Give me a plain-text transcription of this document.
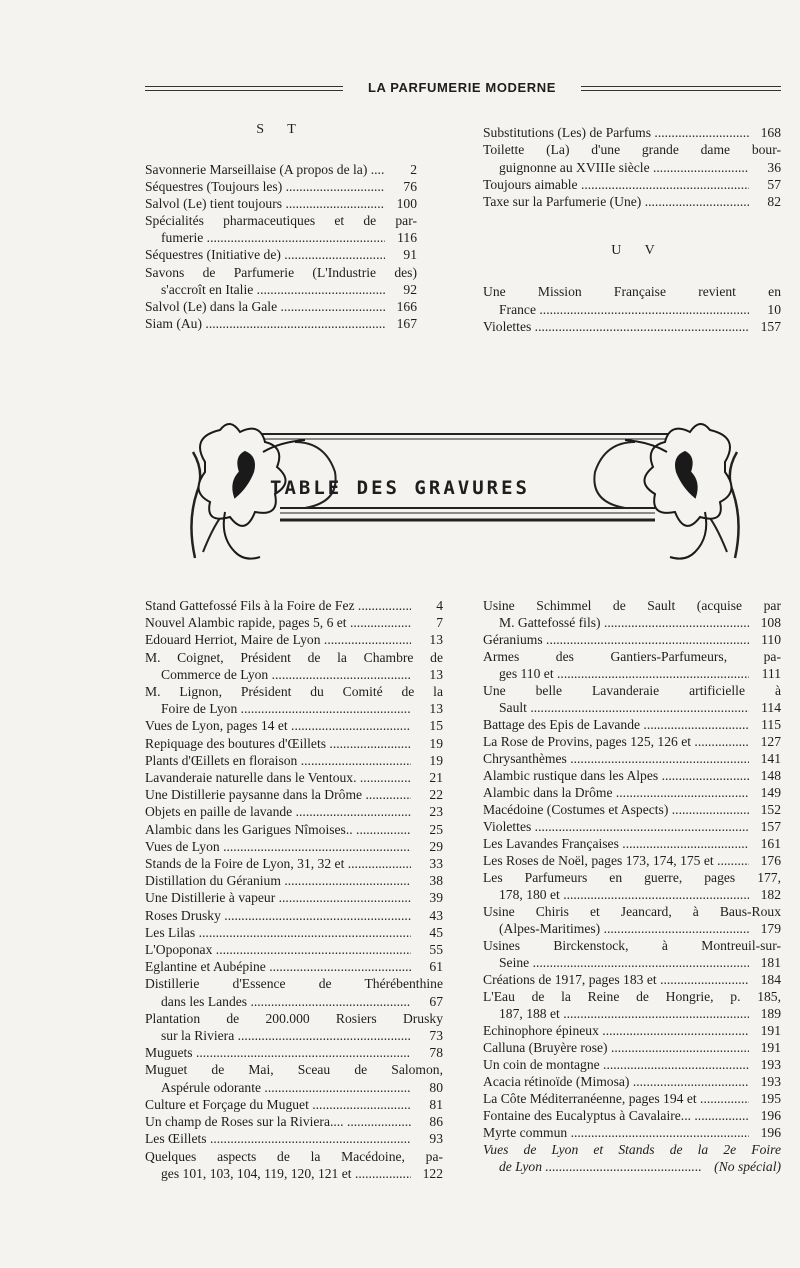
LA PARFUMERIE MODERNE
S T
Savonnerie Marseillaise (A propos de la) .....	2
Séquestres (Toujours les) .....	76
Salvol (Le) tient toujours .....	100
Spécialités pharmaceutiques et de par-
fumerie .....	116
Séquestres (Initiative de) .....	91
Savons de Parfumerie (L'Industrie des)
s'accroît en Italie .....	92
Salvol (Le) dans la Gale .....	166
Siam (Au) .....	167
Substitutions (Les) de Parfums .....	168
Toilette (La) d'une grande dame bour-
guignonne au XVIIIe siècle .....	36
Toujours aimable .....	57
Taxe sur la Parfumerie (Une) .....	82
U V
Une Mission Française revient en
France .....	10
Violettes .....	157
TABLE DES GRAVURES
Stand Gattefossé Fils à la Foire de Fez .....	4
Nouvel Alambic rapide, pages 5, 6 et .....	7
Edouard Herriot, Maire de Lyon .....	13
M. Coignet, Président de la Chambre de
Commerce de Lyon .....	13
M. Lignon, Président du Comité de la
Foire de Lyon .....	13
Vues de Lyon, pages 14 et .....	15
Repiquage des boutures d'Œillets .....	19
Plants d'Œillets en floraison .....	19
Lavanderaie naturelle dans le Ventoux. .....	21
Une Distillerie paysanne dans la Drôme .....	22
Objets en paille de lavande .....	23
Alambic dans les Garigues Nîmoises.. .....	25
Vues de Lyon .....	29
Stands de la Foire de Lyon, 31, 32 et .....	33
Distillation du Géranium .....	38
Une Distillerie à vapeur .....	39
Roses Drusky .....	43
Les Lilas .....	45
L'Opoponax .....	55
Eglantine et Aubépine .....	61
Distillerie d'Essence de Thérébenthine
dans les Landes .....	67
Plantation de 200.000 Rosiers Drusky
sur la Riviera .....	73
Muguets .....	78
Muguet de Mai, Sceau de Salomon,
Aspérule odorante .....	80
Culture et Forçage du Muguet .....	81
Un champ de Roses sur la Riviera.... .....	86
Les Œillets .....	93
Quelques aspects de la Macédoine, pa-
ges 101, 103, 104, 119, 120, 121 et .....	122
Usine Schimmel de Sault (acquise par
M. Gattefossé fils) .....	108
Géraniums .....	110
Armes des Gantiers-Parfumeurs, pa-
ges 110 et .....	111
Une belle Lavanderaie artificielle à
Sault .....	114
Battage des Epis de Lavande .....	115
La Rose de Provins, pages 125, 126 et .....	127
Chrysanthèmes .....	141
Alambic rustique dans les Alpes .....	148
Alambic dans la Drôme .....	149
Macédoine (Costumes et Aspects) .....	152
Violettes .....	157
Les Lavandes Françaises .....	161
Les Roses de Noël, pages 173, 174, 175 et .....	176
Les Parfumeurs en guerre, pages 177,
178, 180 et .....	182
Usine Chiris et Jeancard, à Baus-Roux
(Alpes-Maritimes) .....	179
Usines Birckenstock, à Montreuil-sur-
Seine .....	181
Créations de 1917, pages 183 et .....	184
L'Eau de la Reine de Hongrie, p. 185,
187, 188 et .....	189
Echinophore épineux .....	191
Calluna (Bruyère rose) .....	191
Un coin de montagne .....	193
Acacia rétinoïde (Mimosa) .....	193
La Côte Méditerranéenne, pages 194 et .....	195
Fontaine des Eucalyptus à Cavalaire... .....	196
Myrte commun .....	196
Vues de Lyon et Stands de la 2e Foire
de Lyon .....	(No spécial)
